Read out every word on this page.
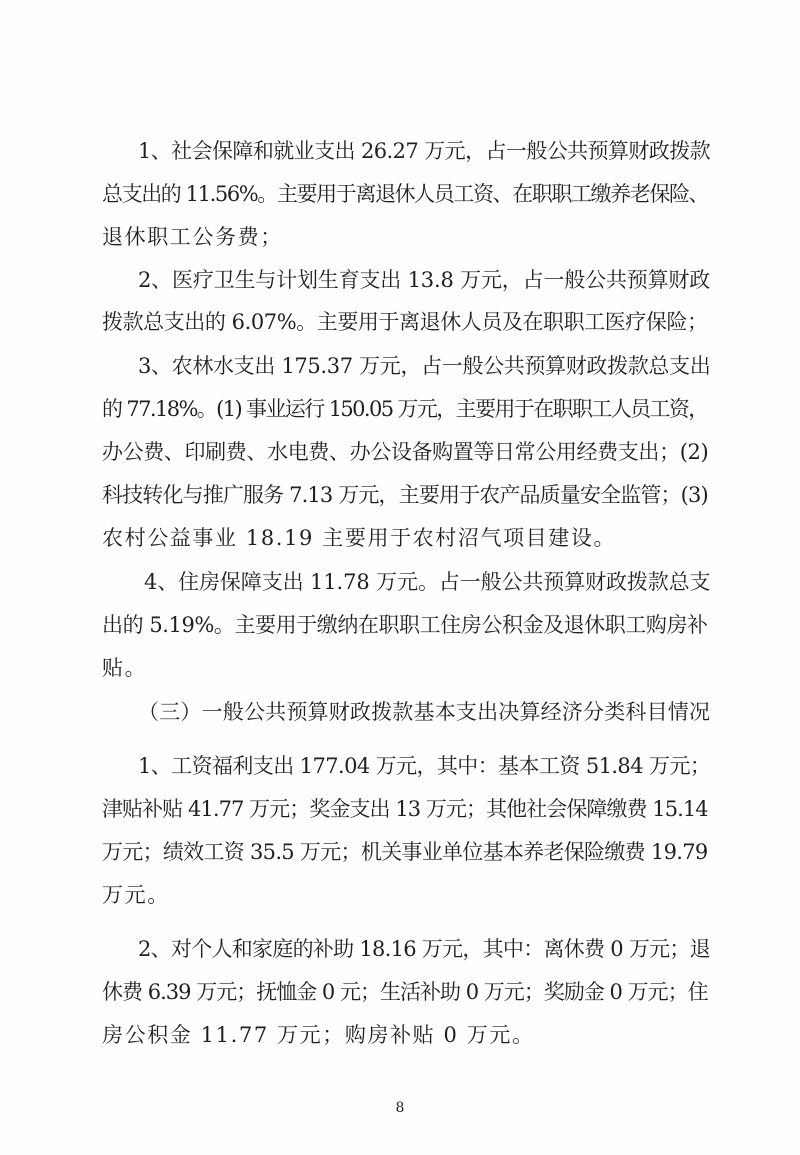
1、社会保障和就业支出 26.27 万元，占一般公共预算财政拨款
总支出的 11.56%。主要用于离退休人员工资、在职职工缴养老保险、
退休职工公务费；
2、医疗卫生与计划生育支出 13.8 万元，占一般公共预算财政
拨款总支出的 6.07%。主要用于离退休人员及在职职工医疗保险；
3、农林水支出 175.37 万元，占一般公共预算财政拨款总支出
的 77.18%。(1) 事业运行 150.05 万元，主要用于在职职工人员工资，
办公费、印刷费、水电费、办公设备购置等日常公用经费支出；(2)
科技转化与推广服务 7.13 万元，主要用于农产品质量安全监管；(3)
农村公益事业 18.19 主要用于农村沼气项目建设。
4、住房保障支出 11.78 万元。占一般公共预算财政拨款总支
出的 5.19%。主要用于缴纳在职职工住房公积金及退休职工购房补
贴。
（三）一般公共预算财政拨款基本支出决算经济分类科目情况
1、工资福利支出 177.04 万元，其中：基本工资 51.84 万元；
津贴补贴 41.77 万元；奖金支出 13 万元；其他社会保障缴费 15.14
万元；绩效工资 35.5 万元；机关事业单位基本养老保险缴费 19.79
万元。
2、对个人和家庭的补助 18.16 万元，其中：离休费 0 万元；退
休费 6.39 万元；抚恤金 0 元；生活补助 0 万元；奖励金 0 万元；住
房公积金 11.77 万元；购房补贴 0 万元。
8
